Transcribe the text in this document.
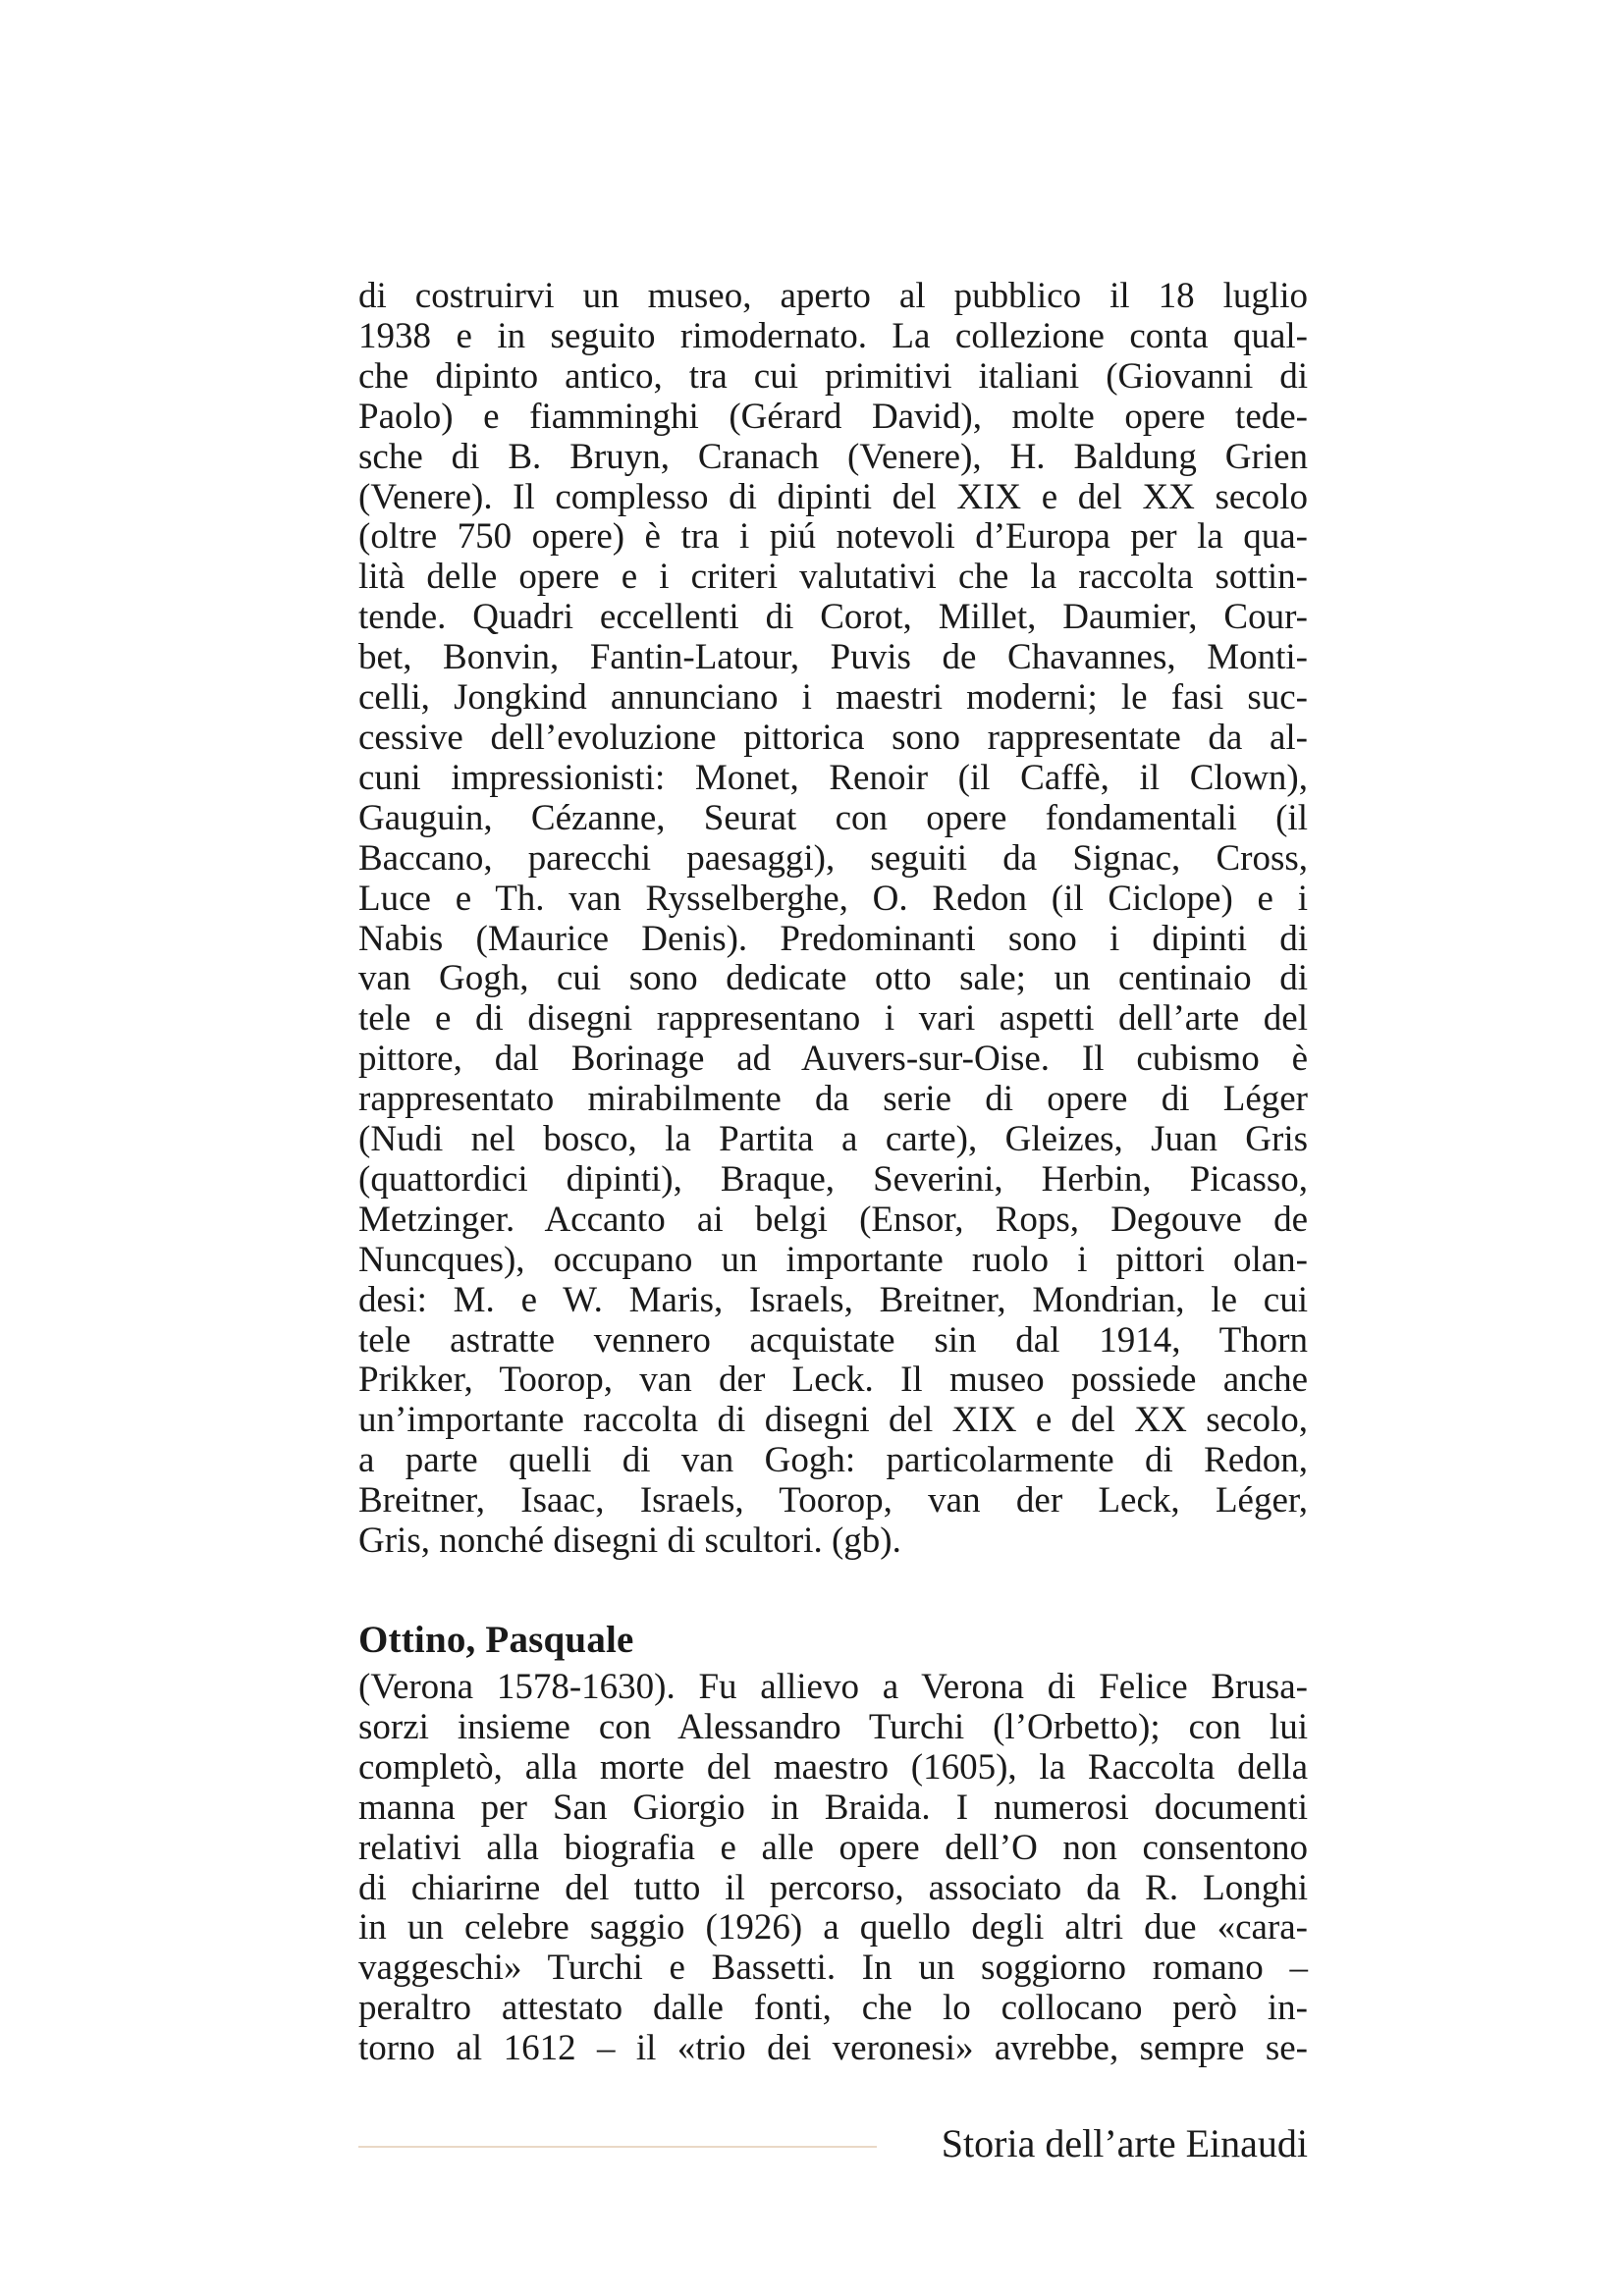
di costruirvi un museo, aperto al pubblico il 18 luglio
1938 e in seguito rimodernato. La collezione conta qual-
che dipinto antico, tra cui primitivi italiani (Giovanni di
Paolo) e fiamminghi (Gérard David), molte opere tede-
sche di B. Bruyn, Cranach (Venere), H. Baldung Grien
(Venere). Il complesso di dipinti del XIX e del XX secolo
(oltre 750 opere) è tra i piú notevoli d’Europa per la qua-
lità delle opere e i criteri valutativi che la raccolta sottin-
tende. Quadri eccellenti di Corot, Millet, Daumier, Cour-
bet, Bonvin, Fantin-Latour, Puvis de Chavannes, Monti-
celli, Jongkind annunciano i maestri moderni; le fasi suc-
cessive dell’evoluzione pittorica sono rappresentate da al-
cuni impressionisti: Monet, Renoir (il Caffè, il Clown),
Gauguin, Cézanne, Seurat con opere fondamentali (il
Baccano, parecchi paesaggi), seguiti da Signac, Cross,
Luce e Th. van Rysselberghe, O. Redon (il Ciclope) e i
Nabis (Maurice Denis). Predominanti sono i dipinti di
van Gogh, cui sono dedicate otto sale; un centinaio di
tele e di disegni rappresentano i vari aspetti dell’arte del
pittore, dal Borinage ad Auvers-sur-Oise. Il cubismo è
rappresentato mirabilmente da serie di opere di Léger
(Nudi nel bosco, la Partita a carte), Gleizes, Juan Gris
(quattordici dipinti), Braque, Severini, Herbin, Picasso,
Metzinger. Accanto ai belgi (Ensor, Rops, Degouve de
Nuncques), occupano un importante ruolo i pittori olan-
desi: M. e W. Maris, Israels, Breitner, Mondrian, le cui
tele astratte vennero acquistate sin dal 1914, Thorn
Prikker, Toorop, van der Leck. Il museo possiede anche
un’importante raccolta di disegni del XIX e del XX secolo,
a parte quelli di van Gogh: particolarmente di Redon,
Breitner, Isaac, Israels, Toorop, van der Leck, Léger,
Gris, nonché disegni di scultori. (gb).
Ottino, Pasquale
(Verona 1578-1630). Fu allievo a Verona di Felice Brusa-
sorzi insieme con Alessandro Turchi (l’Orbetto); con lui
completò, alla morte del maestro (1605), la Raccolta della
manna per San Giorgio in Braida. I numerosi documenti
relativi alla biografia e alle opere dell’O non consentono
di chiarirne del tutto il percorso, associato da R. Longhi
in un celebre saggio (1926) a quello degli altri due «cara-
vaggeschi» Turchi e Bassetti. In un soggiorno romano –
peraltro attestato dalle fonti, che lo collocano però in-
torno al 1612 – il «trio dei veronesi» avrebbe, sempre se-
Storia dell’arte Einaudi
